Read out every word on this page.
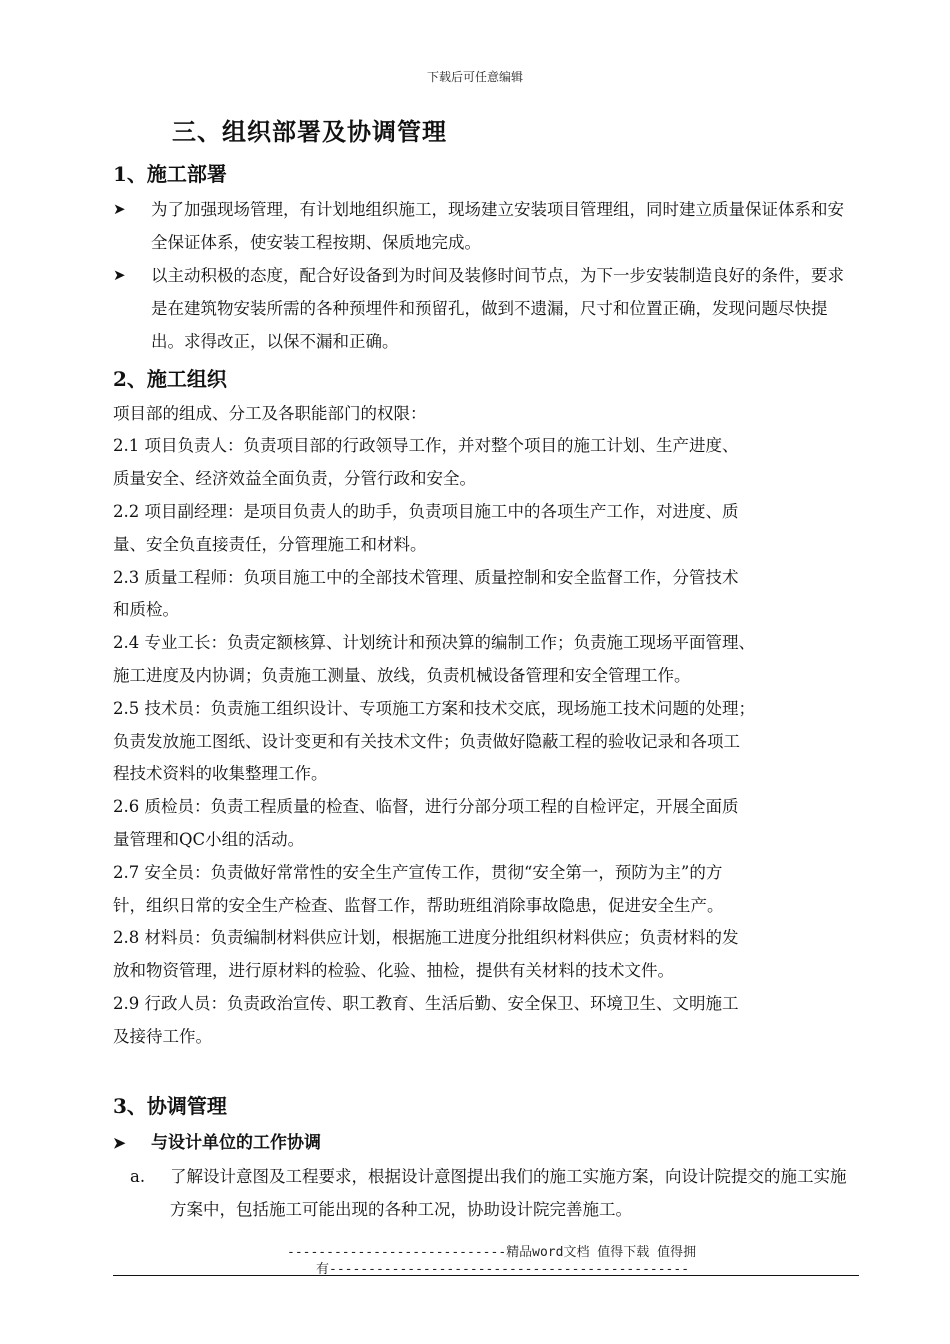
下载后可任意编辑
三、组织部署及协调管理
1、施工部署
➤	为了加强现场管理，有计划地组织施工，现场建立安装项目管理组，同时建立质量保证体系和安全保证体系，使安装工程按期、保质地完成。
➤	以主动积极的态度，配合好设备到为时间及装修时间节点，为下一步安装制造良好的条件，要求是在建筑物安装所需的各种预埋件和预留孔，做到不遗漏，尺寸和位置正确，发现问题尽快提出。求得改正，以保不漏和正确。
2、施工组织
项目部的组成、分工及各职能部门的权限：
2.1 项目负责人：负责项目部的行政领导工作，并对整个项目的施工计划、生产进度、
质量安全、经济效益全面负责，分管行政和安全。
2.2 项目副经理：是项目负责人的助手，负责项目施工中的各项生产工作，对进度、质
量、安全负直接责任，分管理施工和材料。
2.3 质量工程师：负项目施工中的全部技术管理、质量控制和安全监督工作，分管技术
和质检。
2.4 专业工长：负责定额核算、计划统计和预决算的编制工作；负责施工现场平面管理、
施工进度及内协调；负责施工测量、放线，负责机械设备管理和安全管理工作。
2.5 技术员：负责施工组织设计、专项施工方案和技术交底，现场施工技术问题的处理；
负责发放施工图纸、设计变更和有关技术文件；负责做好隐蔽工程的验收记录和各项工
程技术资料的收集整理工作。
2.6 质检员：负责工程质量的检查、临督，进行分部分项工程的自检评定，开展全面质
量管理和QC小组的活动。
2.7 安全员：负责做好常常性的安全生产宣传工作，贯彻“安全第一，预防为主”的方
针，组织日常的安全生产检查、监督工作，帮助班组消除事故隐患，促进安全生产。
2.8 材料员：负责编制材料供应计划，根据施工进度分批组织材料供应；负责材料的发
放和物资管理，进行原材料的检验、化验、抽检，提供有关材料的技术文件。
2.9 行政人员：负责政治宣传、职工教育、生活后勤、安全保卫、环境卫生、文明施工
及接待工作。
3、协调管理
➤ 与设计单位的工作协调
a.	了解设计意图及工程要求，根据设计意图提出我们的施工实施方案，向设计院提交的施工实施方案中，包括施工可能出现的各种工况，协助设计院完善施工。
----------------------------精品word文档 值得下载 值得拥
有----------------------------------------------
